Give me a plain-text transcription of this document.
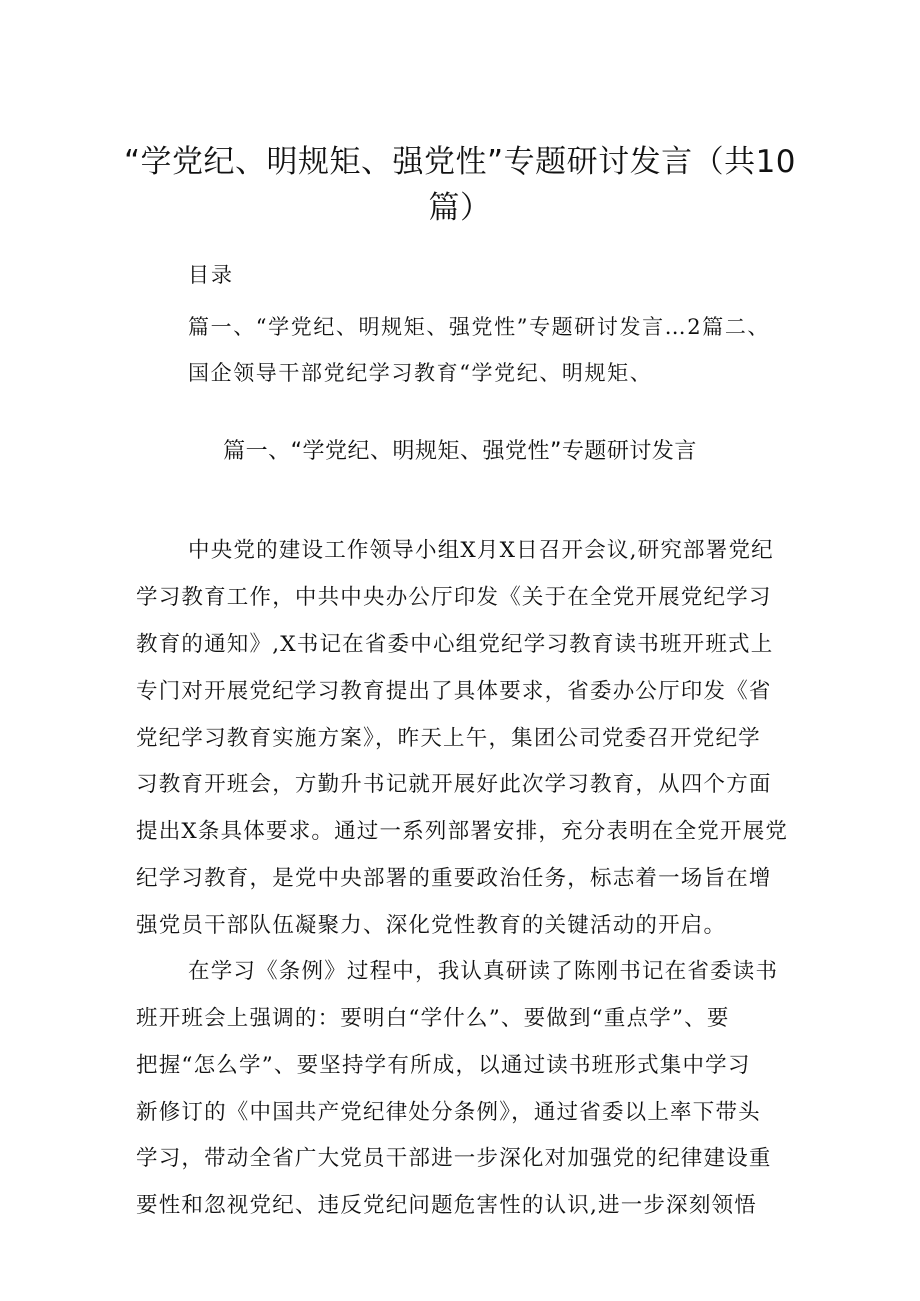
“学党纪、明规矩、强党性”专题研讨发言（共10
篇）
目录
篇一、“学党纪、明规矩、强党性”专题研讨发言…2篇二、
国企领导干部党纪学习教育“学党纪、明规矩、
篇一、“学党纪、明规矩、强党性”专题研讨发言
中央党的建设工作领导小组X月X日召开会议,研究部署党纪
学习教育工作，中共中央办公厅印发《关于在全党开展党纪学习
教育的通知》,X书记在省委中心组党纪学习教育读书班开班式上
专门对开展党纪学习教育提出了具体要求，省委办公厅印发《省
党纪学习教育实施方案》，昨天上午，集团公司党委召开党纪学
习教育开班会，方勤升书记就开展好此次学习教育，从四个方面
提出X条具体要求。通过一系列部署安排，充分表明在全党开展党
纪学习教育，是党中央部署的重要政治任务，标志着一场旨在增
强党员干部队伍凝聚力、深化党性教育的关键活动的开启。
在学习《条例》过程中，我认真研读了陈刚书记在省委读书
班开班会上强调的：要明白“学什么”、要做到“重点学”、要
把握“怎么学”、要坚持学有所成，以通过读书班形式集中学习
新修订的《中国共产党纪律处分条例》，通过省委以上率下带头
学习，带动全省广大党员干部进一步深化对加强党的纪律建设重
要性和忽视党纪、违反党纪问题危害性的认识,进一步深刻领悟
